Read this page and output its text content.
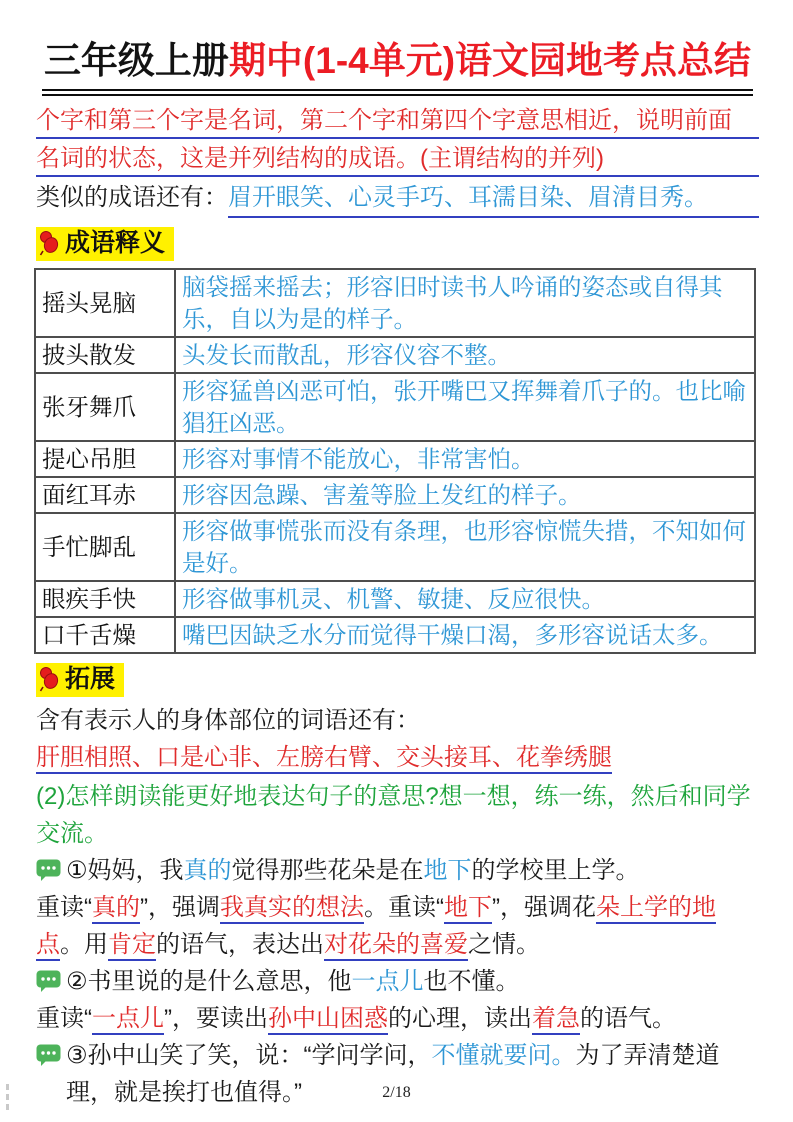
三年级上册期中(1-4单元)语文园地考点总结
个字和第三个字是名词，第二个字和第四个字意思相近，说明前面
名词的状态，这是并列结构的成语。(主谓结构的并列)
类似的成语还有： 眉开眼笑、心灵手巧、耳濡目染、眉清目秀。
成语释义
摇头晃脑	脑袋摇来摇去；形容旧时读书人吟诵的姿态或自得其乐，自以为是的样子。
披头散发	头发长而散乱，形容仪容不整。
张牙舞爪	形容猛兽凶恶可怕，张开嘴巴又挥舞着爪子的。也比喻猖狂凶恶。
提心吊胆	形容对事情不能放心，非常害怕。
面红耳赤	形容因急躁、害羞等脸上发红的样子。
手忙脚乱	形容做事慌张而没有条理，也形容惊慌失措，不知如何是好。
眼疾手快	形容做事机灵、机警、敏捷、反应很快。
口千舌燥	嘴巴因缺乏水分而觉得干燥口渴，多形容说话太多。
拓展

含有表示人的身体部位的词语还有：

肝胆相照、口是心非、左膀右臂、交头接耳、花拳绣腿

(2)怎样朗读能更好地表达句子的意思?想一想，练一练，然后和同学交流。

①妈妈，我真的觉得那些花朵是在地下的学校里上学。

重读“真的”，强调我真实的想法。重读“地下”，强调花朵上学的地点。用肯定的语气，表达出对花朵的喜爱之情。

②书里说的是什么意思，他一点儿也不懂。

重读“一点儿”，要读出孙中山困惑的心理，读出着急的语气。

③孙中山笑了笑，说：“学问学问，不懂就要问。为了弄清楚道理，就是挨打也值得。”	2/18
